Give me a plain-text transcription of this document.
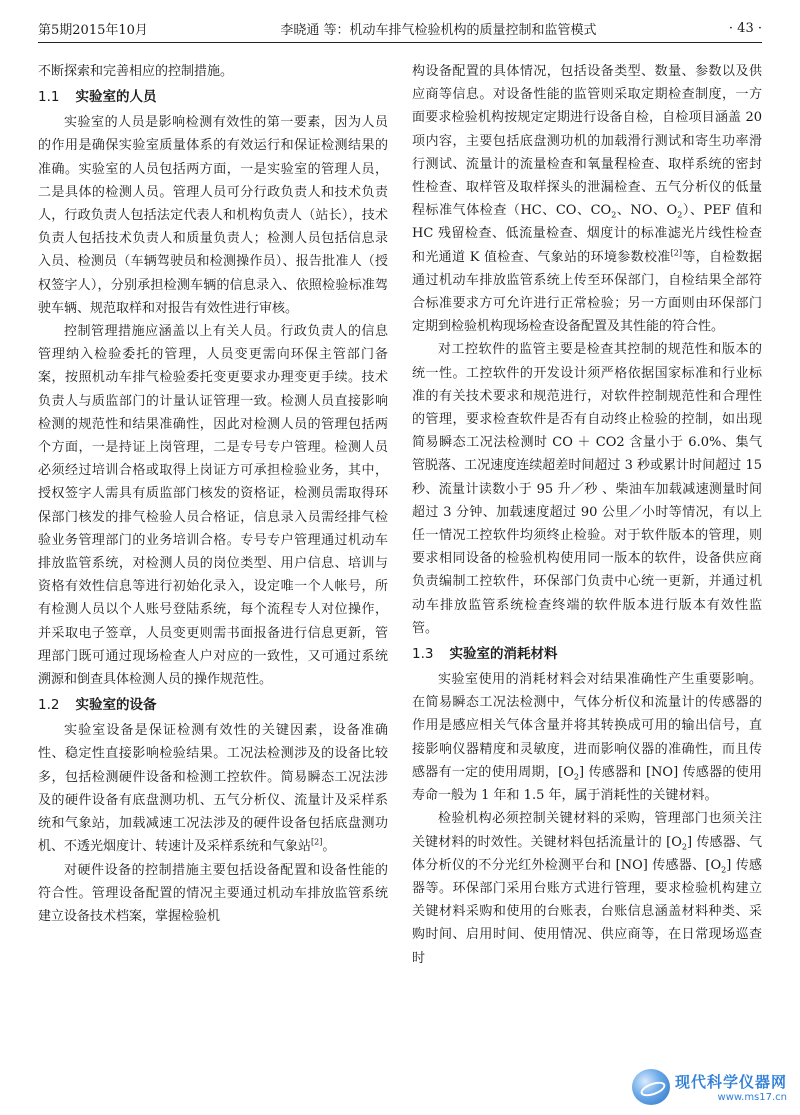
第5期2015年10月	李晓通 等：机动车排气检验机构的质量控制和监管模式	· 43 ·

不断探索和完善相应的控制措施。

1.1 实验室的人员

实验室的人员是影响检测有效性的第一要素，因为人员的作用是确保实验室质量体系的有效运行和保证检测结果的准确。实验室的人员包括两方面，一是实验室的管理人员，二是具体的检测人员。管理人员可分行政负责人和技术负责人，行政负责人包括法定代表人和机构负责人（站长），技术负责人包括技术负责人和质量负责人；检测人员包括信息录入员、检测员（车辆驾驶员和检测操作员）、报告批准人（授权签字人），分别承担检测车辆的信息录入、依照检验标准驾驶车辆、规范取样和对报告有效性进行审核。

控制管理措施应涵盖以上有关人员。行政负责人的信息管理纳入检验委托的管理，人员变更需向环保主管部门备案，按照机动车排气检验委托变更要求办理变更手续。技术负责人与质监部门的计量认证管理一致。检测人员直接影响检测的规范性和结果准确性，因此对检测人员的管理包括两个方面，一是持证上岗管理，二是专号专户管理。检测人员必须经过培训合格或取得上岗证方可承担检验业务，其中，授权签字人需具有质监部门核发的资格证，检测员需取得环保部门核发的排气检验人员合格证，信息录入员需经排气检验业务管理部门的业务培训合格。专号专户管理通过机动车排放监管系统，对检测人员的岗位类型、用户信息、培训与资格有效性信息等进行初始化录入，设定唯一个人帐号，所有检测人员以个人账号登陆系统，每个流程专人对位操作，并采取电子签章，人员变更则需书面报备进行信息更新，管理部门既可通过现场检查人户对应的一致性，又可通过系统溯源和倒查具体检测人员的操作规范性。

1.2 实验室的设备

实验室设备是保证检测有效性的关键因素，设备准确性、稳定性直接影响检验结果。工况法检测涉及的设备比较多，包括检测硬件设备和检测工控软件。简易瞬态工况法涉及的硬件设备有底盘测功机、五气分析仪、流量计及采样系统和气象站，加载减速工况法涉及的硬件设备包括底盘测功机、不透光烟度计、转速计及采样系统和气象站[2]。

对硬件设备的控制措施主要包括设备配置和设备性能的符合性。管理设备配置的情况主要通过机动车排放监管系统建立设备技术档案，掌握检验机

构设备配置的具体情况，包括设备类型、数量、参数以及供应商等信息。对设备性能的监管则采取定期检查制度，一方面要求检验机构按规定定期进行设备自检，自检项目涵盖 20 项内容，主要包括底盘测功机的加载滑行测试和寄生功率滑行测试、流量计的流量检查和氧量程检查、取样系统的密封性检查、取样管及取样探头的泄漏检查、五气分析仪的低量程标准气体检查（HC、CO、$CO_2$、NO、$O_2$）、PEF 值和 HC 残留检查、低流量检查、烟度计的标准滤光片线性检查和光通道 K 值检查、气象站的环境参数校准[2]等，自检数据通过机动车排放监管系统上传至环保部门，自检结果全部符合标准要求方可允许进行正常检验；另一方面则由环保部门定期到检验机构现场检查设备配置及其性能的符合性。

对工控软件的监管主要是检查其控制的规范性和版本的统一性。工控软件的开发设计须严格依据国家标准和行业标准的有关技术要求和规范进行，对软件控制规范性和合理性的管理，要求检查软件是否有自动终止检验的控制，如出现简易瞬态工况法检测时 CO ＋ CO2 含量小于 6.0%、集气管脱落、工况速度连续超差时间超过 3 秒或累计时间超过 15 秒、流量计读数小于 95 升／秒 、柴油车加载减速测量时间超过 3 分钟、加载速度超过 90 公里／小时等情况，有以上任一情况工控软件均须终止检验。对于软件版本的管理，则要求相同设备的检验机构使用同一版本的软件，设备供应商负责编制工控软件，环保部门负责中心统一更新，并通过机动车排放监管系统检查终端的软件版本进行版本有效性监管。

1.3 实验室的消耗材料

实验室使用的消耗材料会对结果准确性产生重要影响。在简易瞬态工况法检测中，气体分析仪和流量计的传感器的作用是感应相关气体含量并将其转换成可用的输出信号，直接影响仪器精度和灵敏度，进而影响仪器的准确性，而且传感器有一定的使用周期，$[O_2]$ 传感器和 [NO] 传感器的使用寿命一般为 1 年和 1.5 年，属于消耗性的关键材料。

检验机构必须控制关键材料的采购，管理部门也须关注关键材料的时效性。关键材料包括流量计的 $[O_2]$ 传感器、气体分析仪的不分光红外检测平台和 [NO] 传感器、$[O_2]$ 传感器等。环保部门采用台账方式进行管理，要求检验机构建立关键材料采购和使用的台账表，台账信息涵盖材料种类、采购时间、启用时间、使用情况、供应商等，在日常现场巡查时

现代科学仪器网
www.ms17.cn
